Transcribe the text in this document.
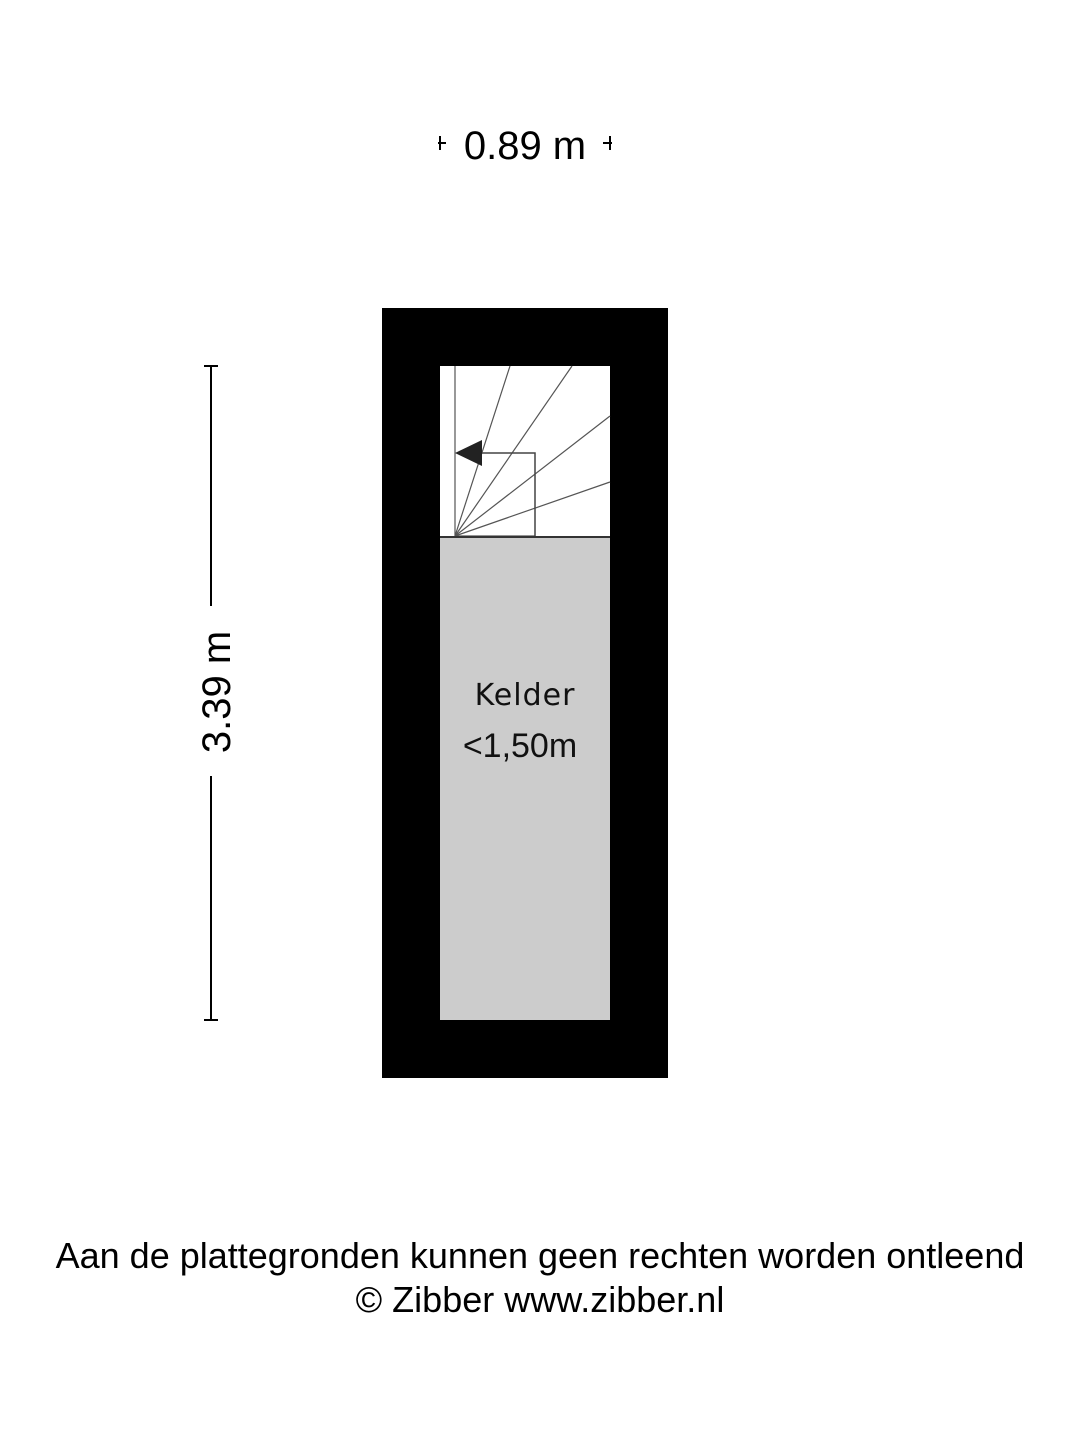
0.89 m
3.39 m	Kelder
<1,50m
Aan de plattegronden kunnen geen rechten worden ontleend
© Zibber www.zibber.nl
